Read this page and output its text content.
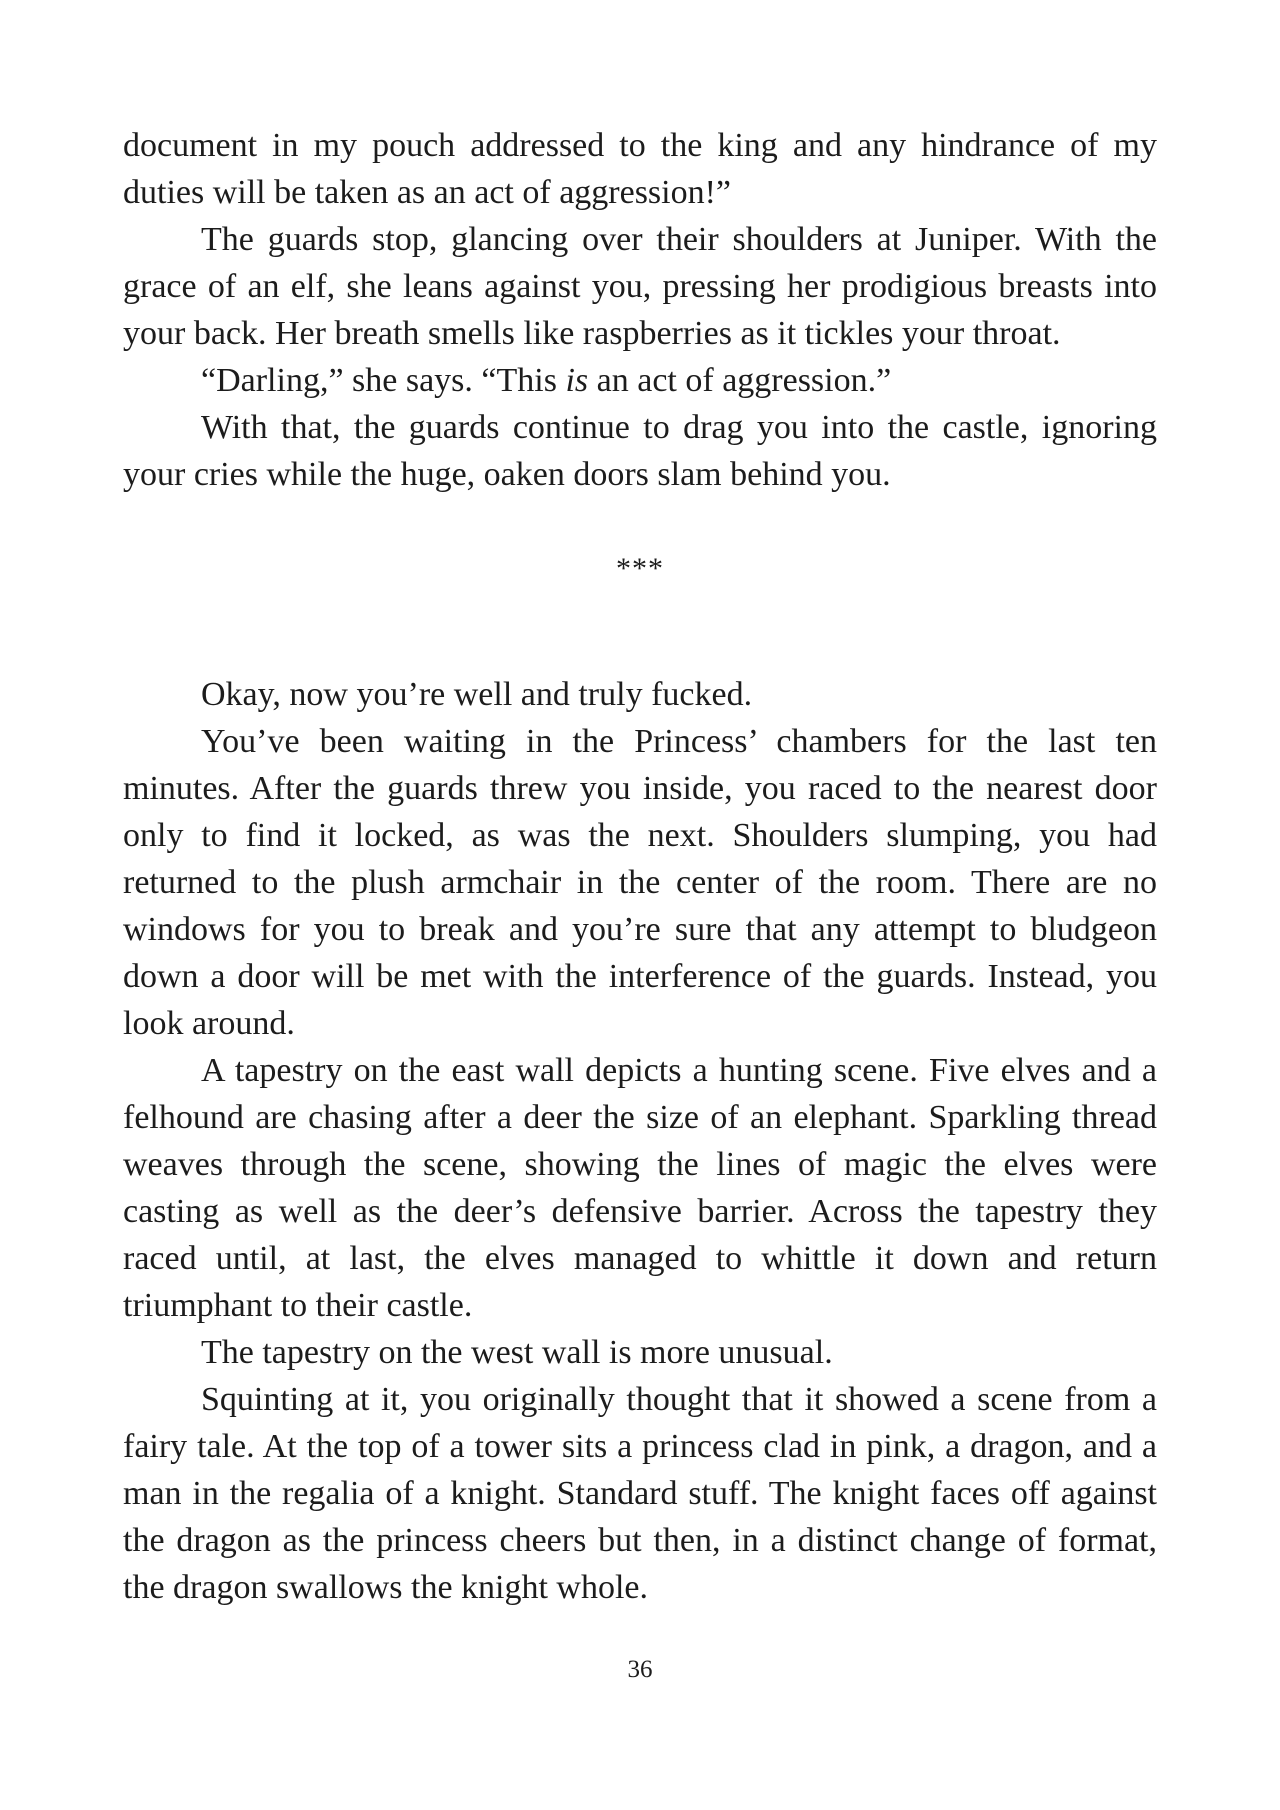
document in my pouch addressed to the king and any hindrance of my duties will be taken as an act of aggression!”

The guards stop, glancing over their shoulders at Juniper. With the grace of an elf, she leans against you, pressing her prodigious breasts into your back. Her breath smells like raspberries as it tickles your throat.

“Darling,” she says. “This is an act of aggression.”

With that, the guards continue to drag you into the castle, ignoring your cries while the huge, oaken doors slam behind you.

***

Okay, now you’re well and truly fucked.

You’ve been waiting in the Princess’ chambers for the last ten minutes. After the guards threw you inside, you raced to the nearest door only to find it locked, as was the next. Shoulders slumping, you had returned to the plush armchair in the center of the room. There are no windows for you to break and you’re sure that any attempt to bludgeon down a door will be met with the interference of the guards. Instead, you look around.

A tapestry on the east wall depicts a hunting scene. Five elves and a felhound are chasing after a deer the size of an elephant. Sparkling thread weaves through the scene, showing the lines of magic the elves were casting as well as the deer’s defensive barrier. Across the tapestry they raced until, at last, the elves managed to whittle it down and return triumphant to their castle.

The tapestry on the west wall is more unusual.

Squinting at it, you originally thought that it showed a scene from a fairy tale. At the top of a tower sits a princess clad in pink, a dragon, and a man in the regalia of a knight. Standard stuff. The knight faces off against the dragon as the princess cheers but then, in a distinct change of format, the dragon swallows the knight whole.

36
